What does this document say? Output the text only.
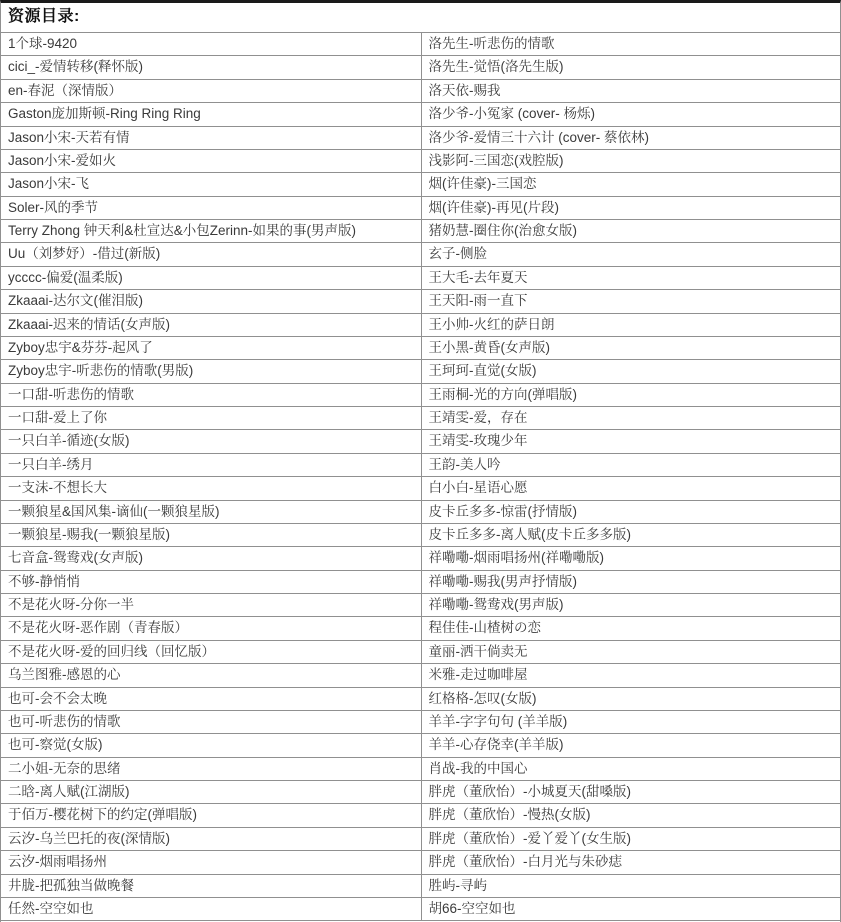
资源目录:
1个球-9420	洛先生-听悲伤的情歌
cici_-爱情转移(释怀版)	洛先生-觉悟(洛先生版)
en-春泥（深情版）	洛天依-赐我
Gaston庞加斯顿-Ring Ring Ring	洛少爷-小冤家 (cover- 杨烁)
Jason小宋-天若有情	洛少爷-爱情三十六计 (cover- 蔡依林)
Jason小宋-爱如火	浅影阿-三国恋(戏腔版)
Jason小宋-飞	烟(许佳豪)-三国恋
Soler-风的季节	烟(许佳豪)-再见(片段)
Terry Zhong 钟天利&杜宣达&小包Zerinn-如果的事(男声版)	猪奶慧-圈住你(治愈女版)
Uu（刘梦妤）-借过(新版)	玄子-侧脸
ycccc-偏爱(温柔版)	王大毛-去年夏天
Zkaaai-达尔文(催泪版)	王天阳-雨一直下
Zkaaai-迟来的情话(女声版)	王小帅-火红的萨日朗
Zyboy忠宇&芬芬-起风了	王小黑-黄昏(女声版)
Zyboy忠宇-听悲伤的情歌(男版)	王珂珂-直觉(女版)
一口甜-听悲伤的情歌	王雨桐-光的方向(弹唱版)
一口甜-爱上了你	王靖雯-爱，存在
一只白羊-循迹(女版)	王靖雯-玫瑰少年
一只白羊-绣月	王韵-美人吟
一支沫-不想长大	白小白-星语心愿
一颗狼星&国风集-谪仙(一颗狼星版)	皮卡丘多多-惊雷(抒情版)
一颗狼星-赐我(一颗狼星版)	皮卡丘多多-离人赋(皮卡丘多多版)
七音盒-鸳鸯戏(女声版)	祥嘞嘞-烟雨唱扬州(祥嘞嘞版)
不够-静悄悄	祥嘞嘞-赐我(男声抒情版)
不是花火呀-分你一半	祥嘞嘞-鸳鸯戏(男声版)
不是花火呀-恶作剧（青春版）	程佳佳-山楂树の恋
不是花火呀-爱的回归线（回忆版）	童丽-洒干倘卖无
乌兰图雅-感恩的心	米雅-走过咖啡屋
也可-会不会太晚	红格格-怎叹(女版)
也可-听悲伤的情歌	羊羊-字字句句 (羊羊版)
也可-察觉(女版)	羊羊-心存侥幸(羊羊版)
二小姐-无奈的思绪	肖战-我的中国心
二晗-离人赋(江湖版)	胖虎（董欣怡）-小城夏天(甜嗓版)
于佰万-樱花树下的约定(弹唱版)	胖虎（董欣怡）-慢热(女版)
云汐-乌兰巴托的夜(深情版)	胖虎（董欣怡）-爱丫爱丫(女生版)
云汐-烟雨唱扬州	胖虎（董欣怡）-白月光与朱砂痣
井胧-把孤独当做晚餐	胜屿-寻屿
任然-空空如也	胡66-空空如也
